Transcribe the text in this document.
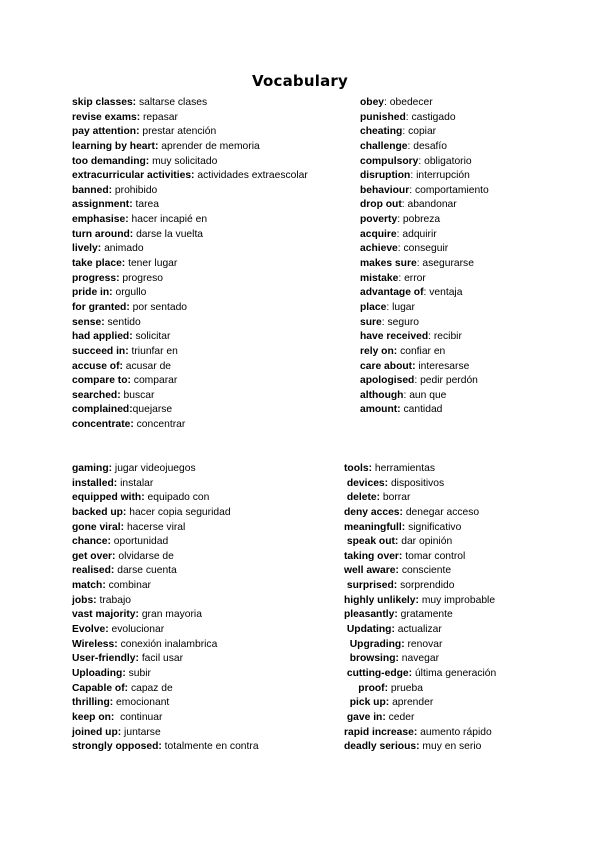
Vocabulary
skip classes: saltarse clases
revise exams: repasar
pay attention: prestar atención
learning by heart: aprender de memoria
too demanding: muy solicitado
extracurricular activities: actividades extraescolar
banned: prohibido
assignment: tarea
emphasise: hacer incapié en
turn around: darse la vuelta
lively: animado
take place: tener lugar
progress: progreso
pride in: orgullo
for granted: por sentado
sense: sentido
had applied: solicitar
succeed in: triunfar en
accuse of: acusar de
compare to: comparar
searched: buscar
complained:quejarse
concentrate: concentrar
obey: obedecer
punished: castigado
cheating: copiar
challenge: desafío
compulsory: obligatorio
disruption: interrupción
behaviour: comportamiento
drop out: abandonar
poverty: pobreza
acquire: adquirir
achieve: conseguir
makes sure: asegurarse
mistake: error
advantage of: ventaja
place: lugar
sure: seguro
have received: recibir
rely on: confiar en
care about: interesarse
apologised: pedir perdón
although: aun que
amount: cantidad
gaming: jugar videojuegos
installed: instalar
equipped with: equipado con
backed up: hacer copia seguridad
gone viral: hacerse viral
chance: oportunidad
get over: olvidarse de
realised: darse cuenta
match: combinar
jobs: trabajo
vast majority: gran mayoria
Evolve: evolucionar
Wireless: conexión inalambrica
User-friendly: facil usar
Uploading: subir
Capable of: capaz de
thrilling: emocionant
keep on:  continuar
joined up: juntarse
strongly opposed: totalmente en contra
tools: herramientas
devices: dispositivos
delete: borrar
deny acces: denegar acceso
meaningfull: significativo
speak out: dar opinión
taking over: tomar control
well aware: consciente
surprised: sorprendido
highly unlikely: muy improbable
pleasantly: gratamente
Updating: actualizar
Upgrading: renovar
browsing: navegar
cutting-edge: última generación
proof: prueba
pick up: aprender
gave in: ceder
rapid increase: aumento rápido
deadly serious: muy en serio
